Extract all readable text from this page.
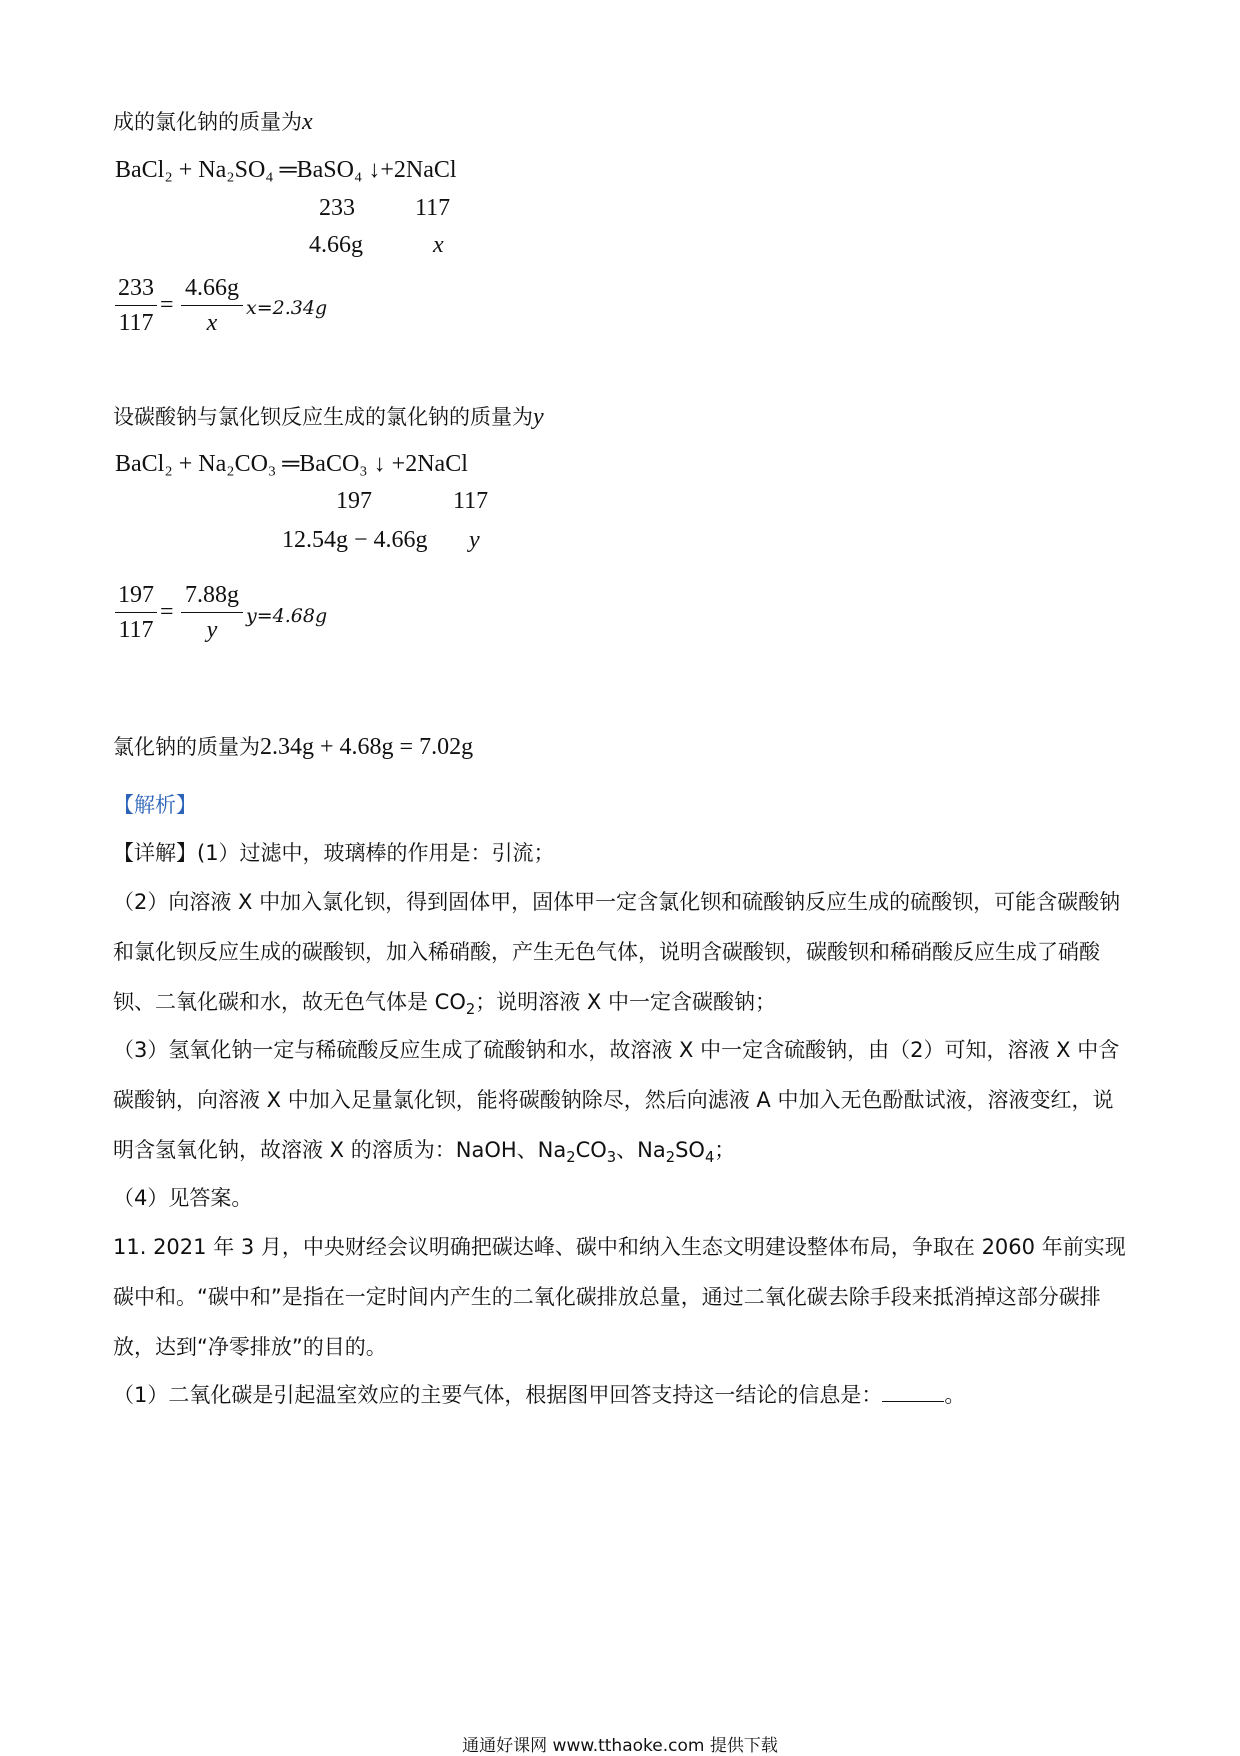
成的氯化钠的质量为x
BaCl₂ + Na₂SO₄ ═BaSO₄ ↓+2NaCl
233	117
4.66g	x
233
117
=
4.66g
x
x=2.34g
设碳酸钠与氯化钡反应生成的氯化钠的质量为y
BaCl₂ + Na₂CO₃ ═BaCO₃ ↓ +2NaCl
197	117
12.54g − 4.66g y
197
117
=
7.88g
y
y=4.68g
氯化钠的质量为2.34g + 4.68g = 7.02g
【解析】
【详解】(1）过滤中，玻璃棒的作用是：引流；
（2）向溶液 X 中加入氯化钡，得到固体甲，固体甲一定含氯化钡和硫酸钠反应生成的硫酸钡，可能含碳酸钠和氯化钡反应生成的碳酸钡，加入稀硝酸，产生无色气体，说明含碳酸钡，碳酸钡和稀硝酸反应生成了硝酸钡、二氧化碳和水，故无色气体是 $CO_2$；说明溶液 X 中一定含碳酸钠；
（3）氢氧化钠一定与稀硫酸反应生成了硫酸钠和水，故溶液 X 中一定含硫酸钠，由（2）可知，溶液 X 中含碳酸钠，向溶液 X 中加入足量氯化钡，能将碳酸钠除尽，然后向滤液 A 中加入无色酚酞试液，溶液变红，说明含氢氧化钠，故溶液 X 的溶质为：NaOH、$Na_2CO_3$、$Na_2SO_4$；
（4）见答案。
11. 2021 年 3 月，中央财经会议明确把碳达峰、碳中和纳入生态文明建设整体布局，争取在 2060 年前实现碳中和。“碳中和”是指在一定时间内产生的二氧化碳排放总量，通过二氧化碳去除手段来抵消掉这部分碳排放，达到“净零排放”的目的。
（1）二氧化碳是引起温室效应的主要气体，根据图甲回答支持这一结论的信息是：	。
通通好课网 www.tthaoke.com 提供下载
